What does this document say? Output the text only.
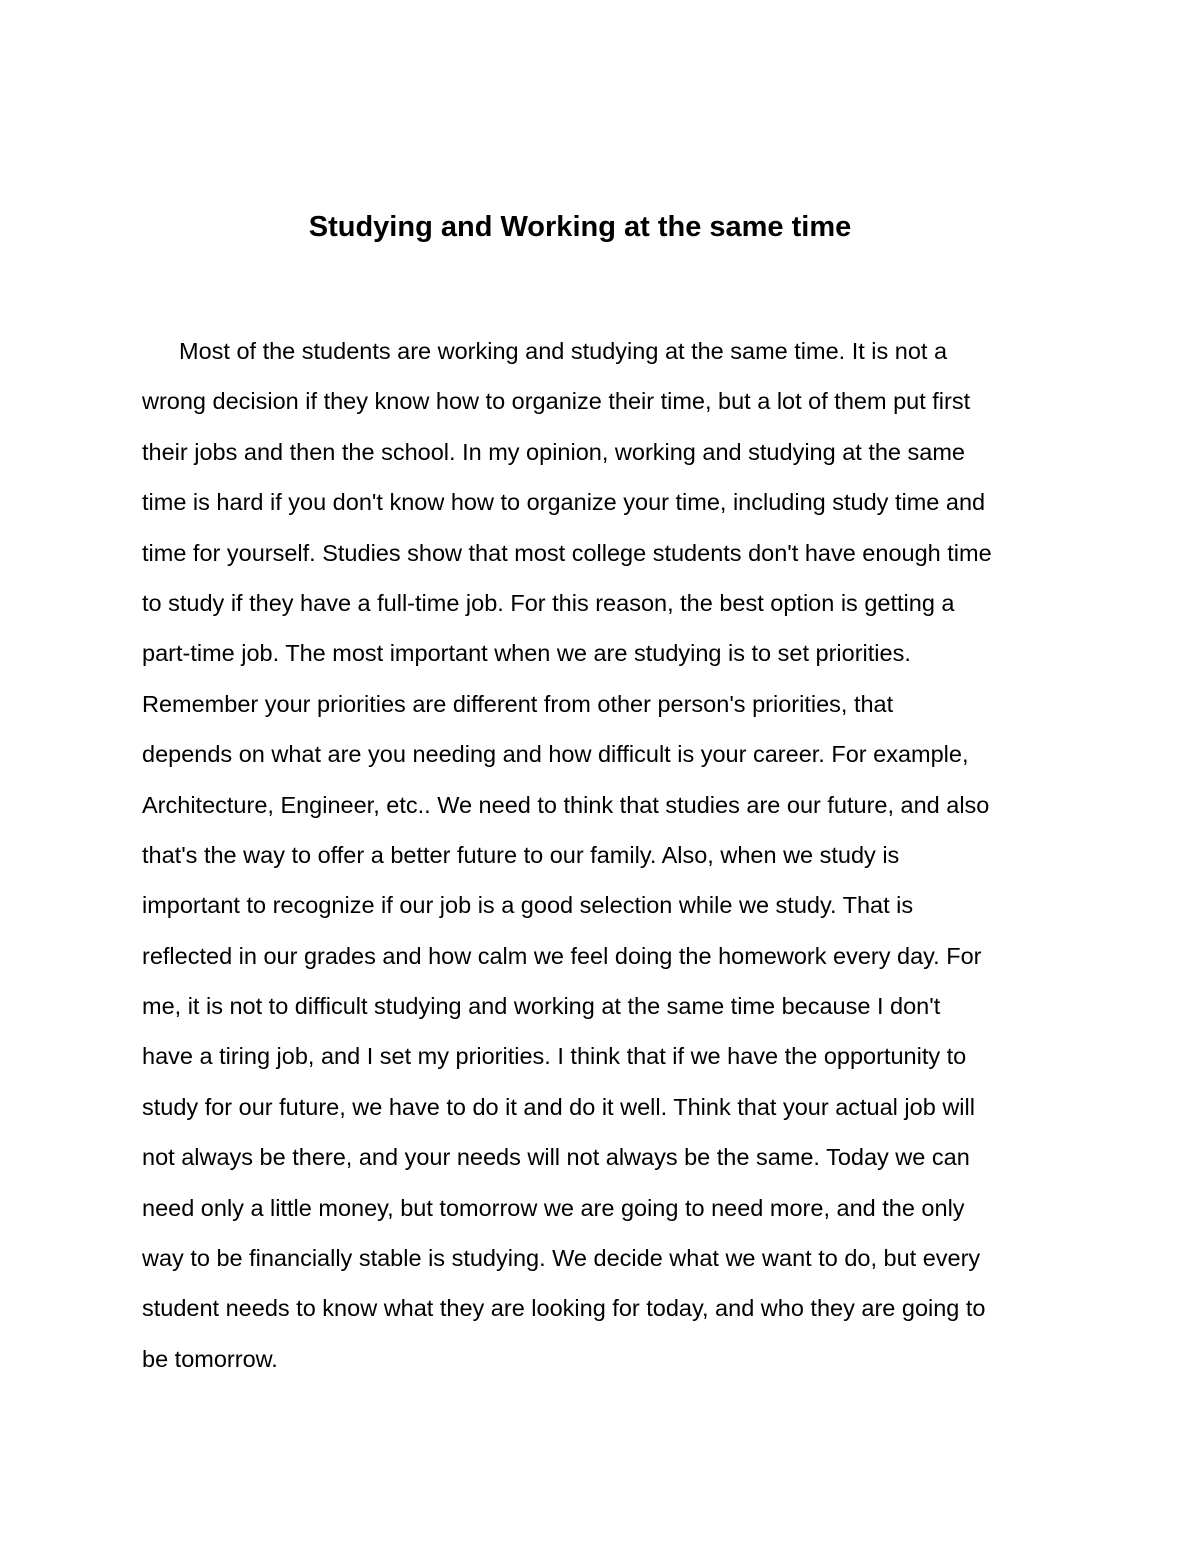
Studying and Working at the same time
Most of the students are working and studying at the same time. It is not a
wrong decision if they know how to organize their time, but a lot of them put first
their jobs and then the school. In my opinion, working and studying at the same
time is hard if you don't know how to organize your time, including study time and
time for yourself. Studies show that most college students don't have enough time
to study if they have a full-time job. For this reason, the best option is getting a
part-time job. The most important when we are studying is to set priorities.
Remember your priorities are different from other person's priorities, that
depends on what are you needing and how difficult is your career. For example,
Architecture, Engineer, etc.. We need to think that studies are our future, and also
that's the way to offer a better future to our family. Also, when we study is
important to recognize if our job is a good selection while we study. That is
reflected in our grades and how calm we feel doing the homework every day. For
me, it is not to difficult studying and working at the same time because I don't
have a tiring job, and I set my priorities. I think that if we have the opportunity to
study for our future, we have to do it and do it well. Think that your actual job will
not always be there, and your needs will not always be the same. Today we can
need only a little money, but tomorrow we are going to need more, and the only
way to be financially stable is studying. We decide what we want to do, but every
student needs to know what they are looking for today, and who they are going to
be tomorrow.
